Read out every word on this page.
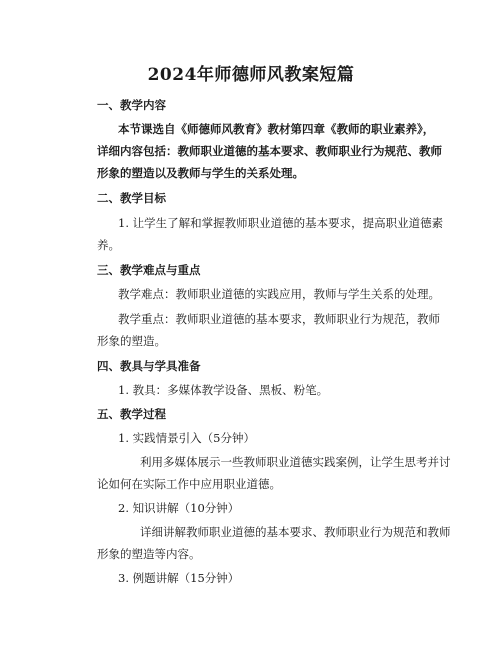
2024年师德师风教案短篇
一、教学内容
本节课选自《师德师风教育》教材第四章《教师的职业素养》，
详细内容包括：教师职业道德的基本要求、教师职业行为规范、教师
形象的塑造以及教师与学生的关系处理。
二、教学目标
1. 让学生了解和掌握教师职业道德的基本要求，提高职业道德素
养。
三、教学难点与重点
教学难点：教师职业道德的实践应用，教师与学生关系的处理。
教学重点：教师职业道德的基本要求，教师职业行为规范，教师
形象的塑造。
四、教具与学具准备
1. 教具：多媒体教学设备、黑板、粉笔。
五、教学过程
1. 实践情景引入（5分钟）
利用多媒体展示一些教师职业道德实践案例，让学生思考并讨
论如何在实际工作中应用职业道德。
2. 知识讲解（10分钟）
详细讲解教师职业道德的基本要求、教师职业行为规范和教师
形象的塑造等内容。
3. 例题讲解（15分钟）
